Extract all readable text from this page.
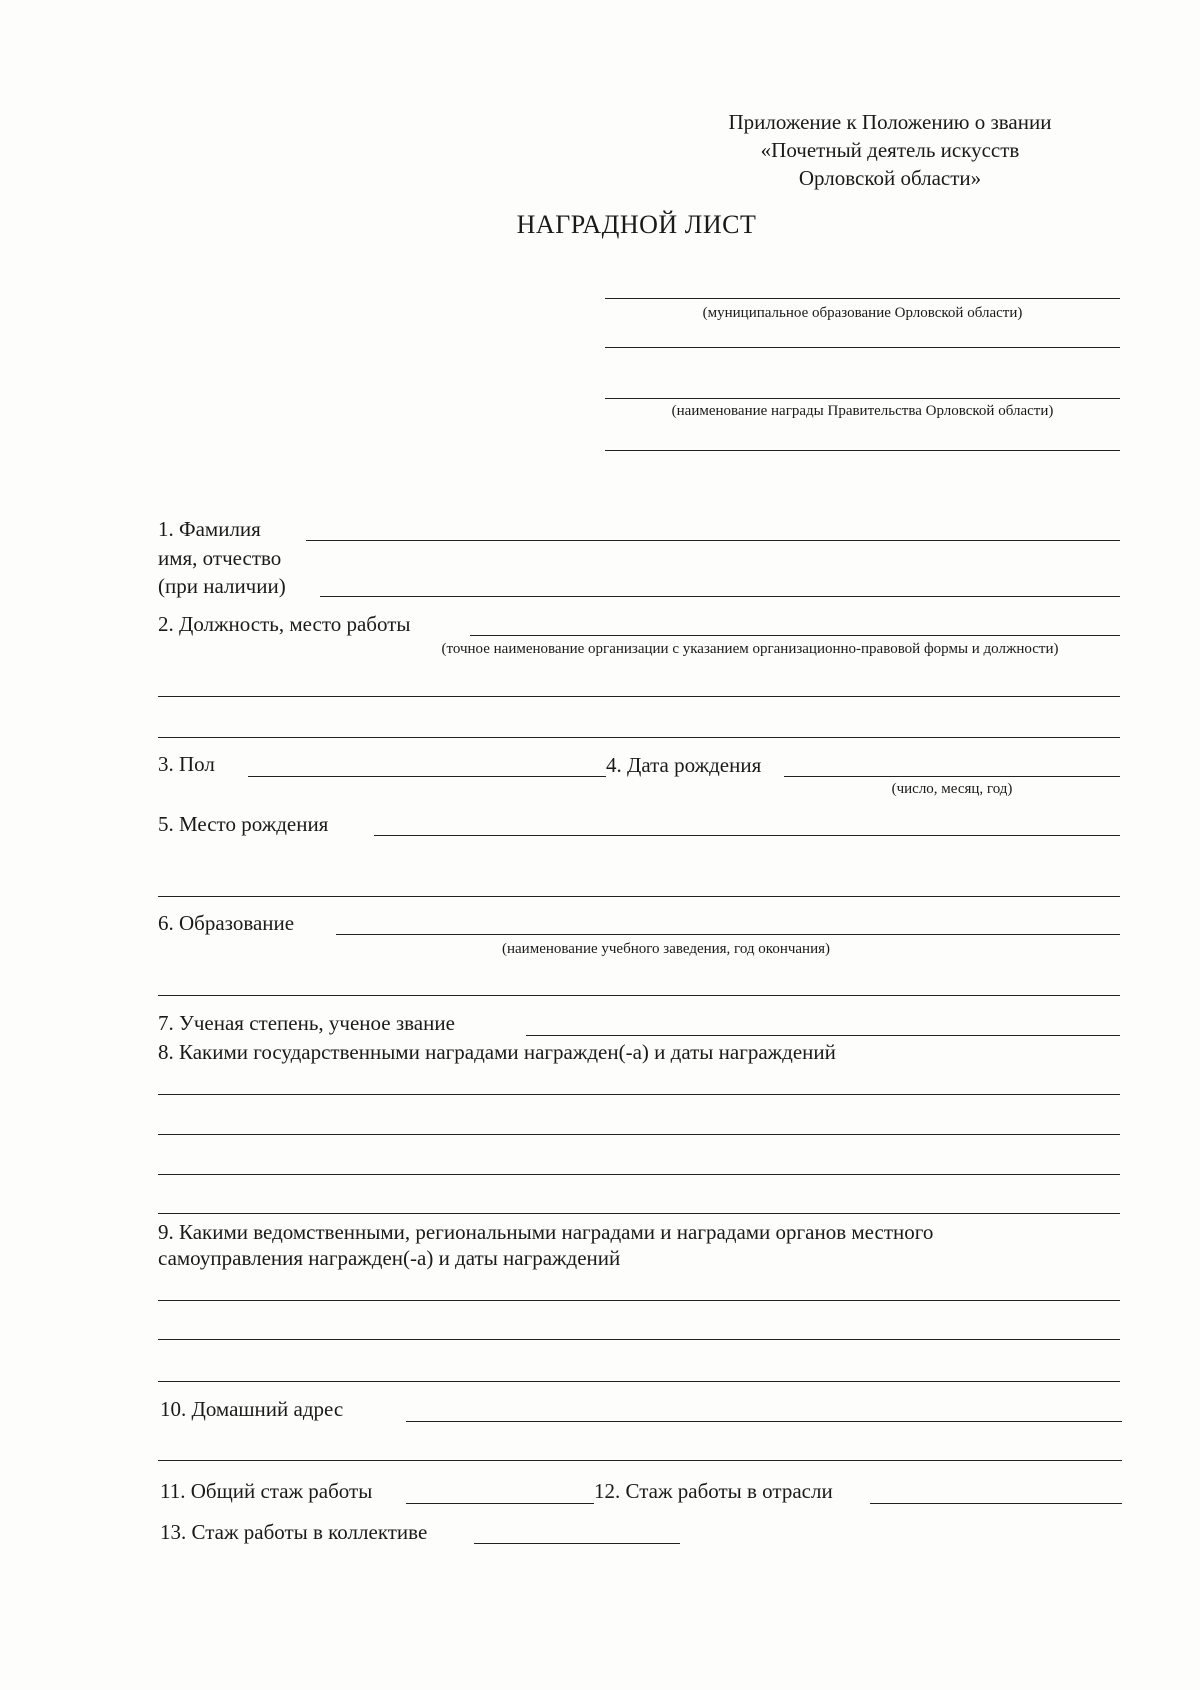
Приложение к Положению о звании
«Почетный деятель искусств
Орловской области»
НАГРАДНОЙ ЛИСТ
(муниципальное образование Орловской области)
(наименование награды Правительства Орловской области)
1. Фамилия
имя, отчество
(при наличии)
2. Должность, место работы
(точное наименование организации с указанием организационно-правовой формы и должности)
3. Пол	4. Дата рождения
(число, месяц, год)
5. Место рождения
6. Образование
(наименование учебного заведения, год окончания)
7. Ученая степень, ученое звание
8. Какими государственными наградами награжден(-а) и даты награждений
9. Какими ведомственными, региональными наградами и наградами органов местного
самоуправления награжден(-а) и даты награждений
10. Домашний адрес
11. Общий стаж работы	12. Стаж работы в отрасли
13. Стаж работы в коллективе
